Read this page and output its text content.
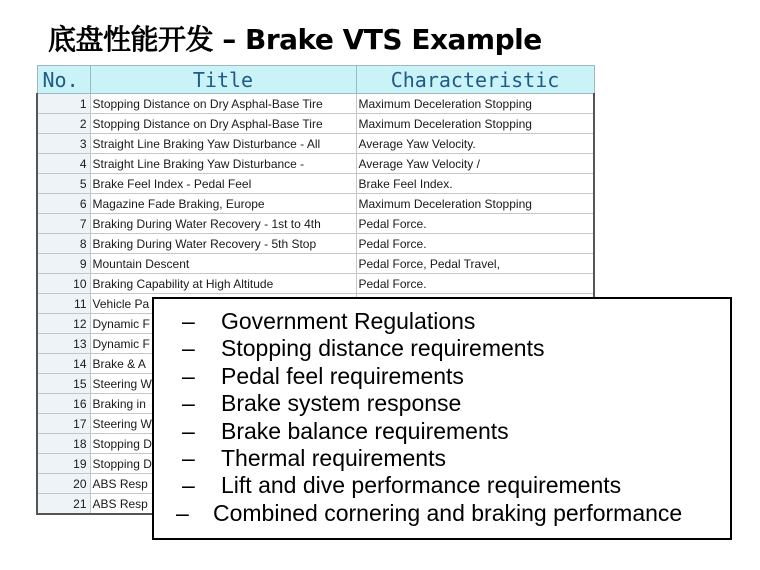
底盘性能开发 – Brake VTS Example
No.	Title	Characteristic
1	Stopping Distance on Dry Asphal-Base Tire	Maximum Deceleration Stopping
2	Stopping Distance on Dry Asphal-Base Tire	Maximum Deceleration Stopping
3	Straight Line Braking Yaw Disturbance - All	Average Yaw Velocity.
4	Straight Line Braking Yaw Disturbance -	Average Yaw Velocity /
5	Brake Feel Index - Pedal Feel	Brake Feel Index.
6	Magazine Fade Braking, Europe	Maximum Deceleration Stopping
7	Braking During Water Recovery - 1st to 4th	Pedal Force.
8	Braking During Water Recovery - 5th Stop	Pedal Force.
9	Mountain Descent	Pedal Force, Pedal Travel,
10	Braking Capability at High Altitude	Pedal Force.
11	Vehicle Pa	
12	Dynamic F	
13	Dynamic F	
14	Brake & A	
15	Steering W	
16	Braking in	
17	Steering W	
18	Stopping D	
19	Stopping D	
20	ABS Resp	
21	ABS Resp	
–	Government Regulations
–	Stopping distance requirements
–	Pedal feel requirements
–	Brake system response
–	Brake balance requirements
–	Thermal requirements
–	Lift and dive performance requirements
–	Combined cornering and braking performance
